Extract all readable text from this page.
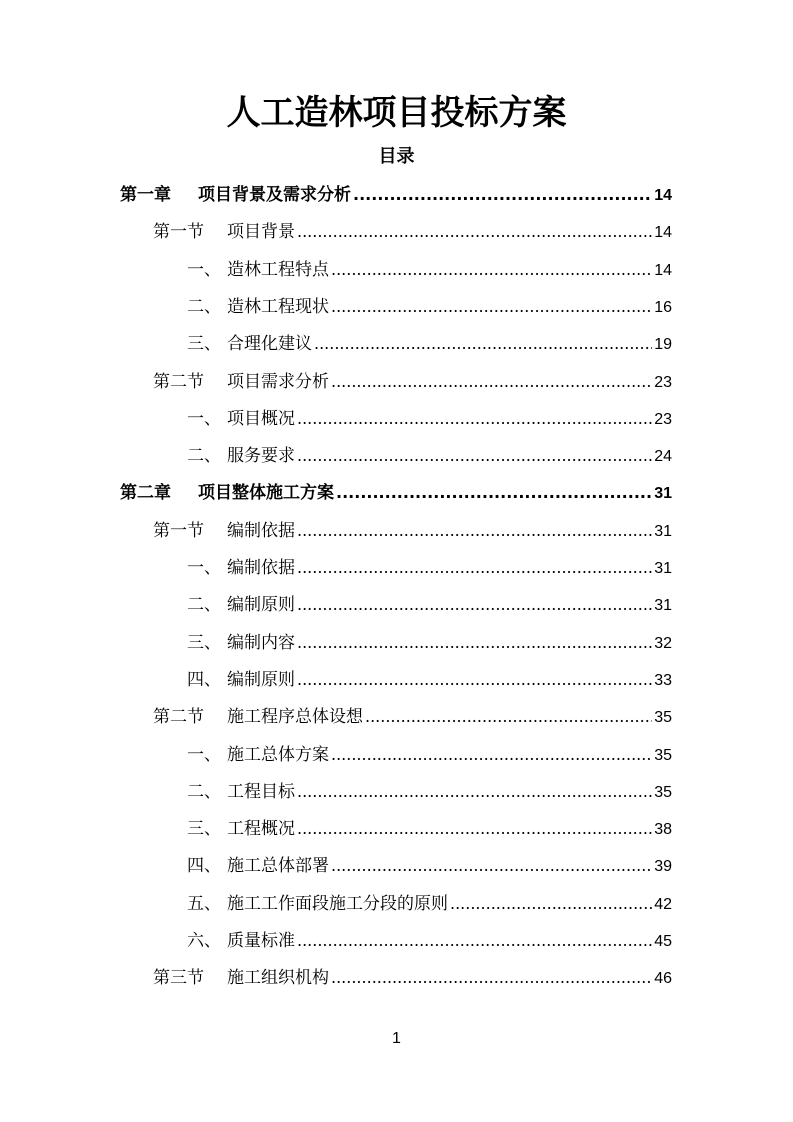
人工造林项目投标方案
目录
第一章 项目背景及需求分析 .....	14
第一节 项目背景 .....	14
一、 造林工程特点 .....	14
二、 造林工程现状 .....	16
三、 合理化建议 .....	19
第二节 项目需求分析 .....	23
一、 项目概况 .....	23
二、 服务要求 .....	24
第二章 项目整体施工方案 .....	31
第一节 编制依据 .....	31
一、 编制依据 .....	31
二、 编制原则 .....	31
三、 编制内容 .....	32
四、 编制原则 .....	33
第二节 施工程序总体设想 .....	35
一、 施工总体方案 .....	35
二、 工程目标 .....	35
三、 工程概况 .....	38
四、 施工总体部署 .....	39
五、 施工工作面段施工分段的原则 .....	42
六、 质量标准 .....	45
第三节 施工组织机构 .....	46
1
